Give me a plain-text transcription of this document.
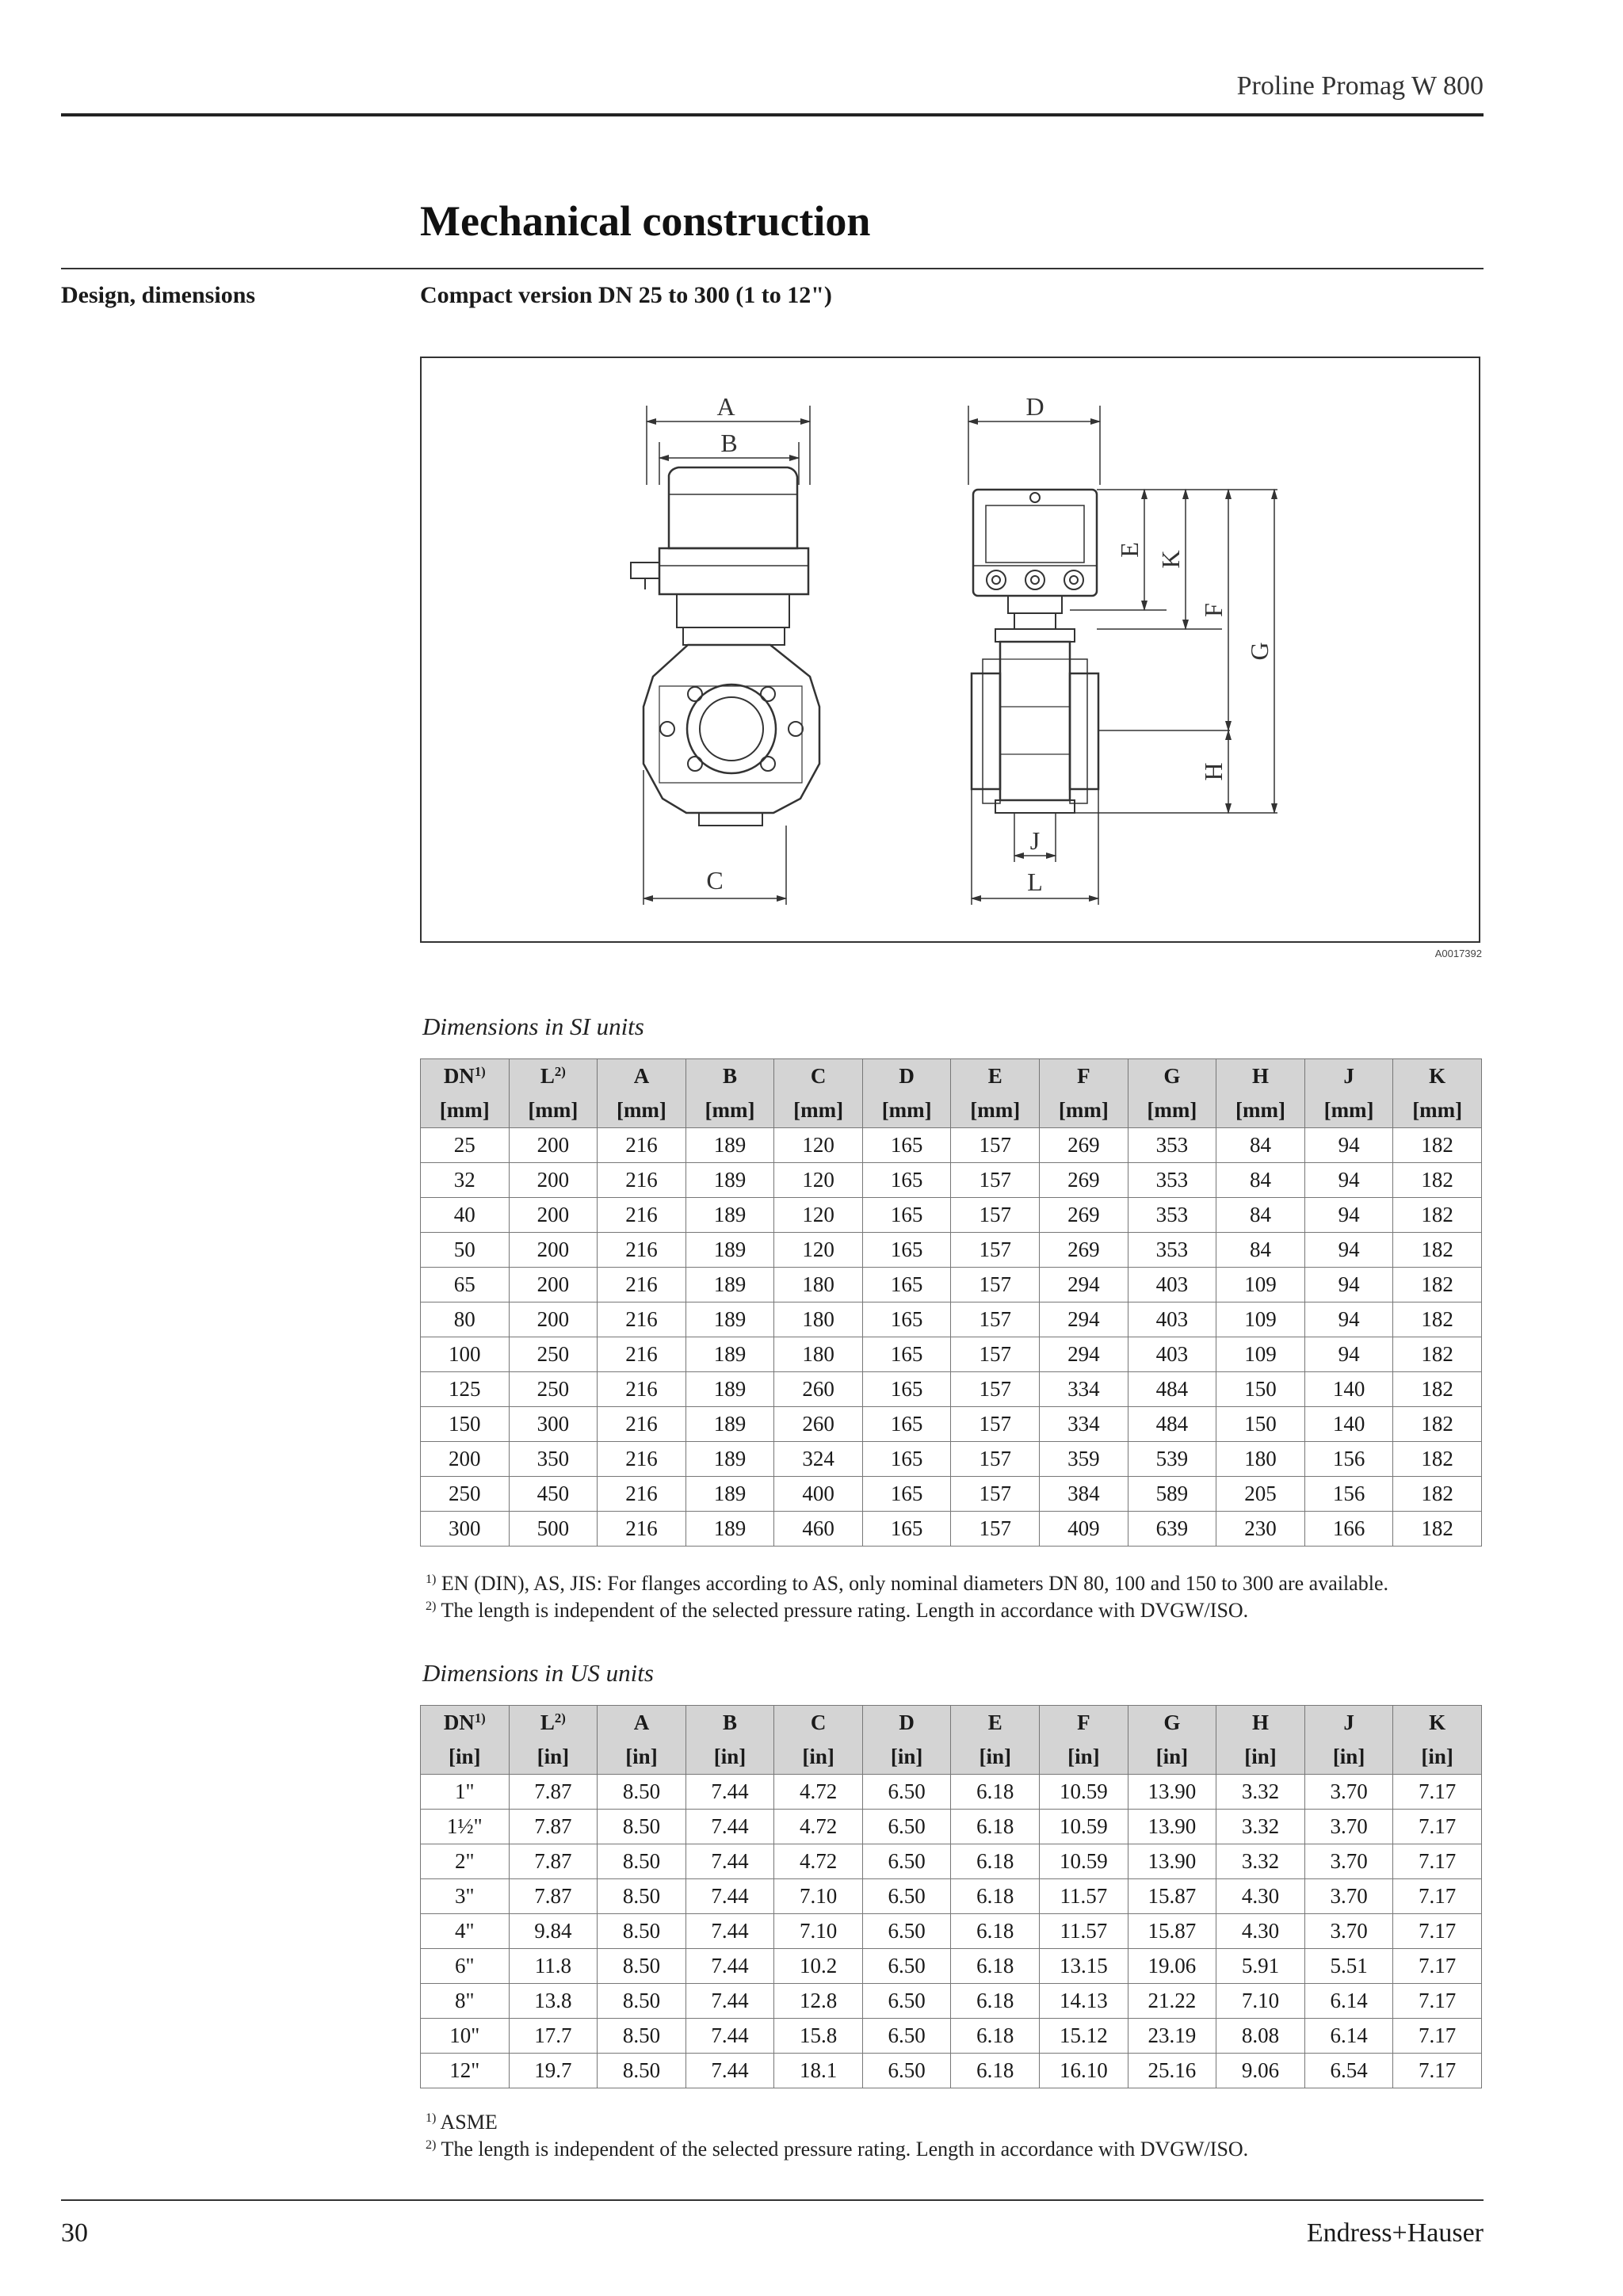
Proline Promag W 800
Mechanical construction
Design, dimensions	Compact version DN 25 to 300 (1 to 12")
A
B
C
D
J
L
E
K
F
H
G
A0017392
Dimensions in SI units
DN$^{1)}$	$L^{2)}$	A	B	C	D	E	F	G	H	J	K
[mm]	[mm]	[mm]	[mm]	[mm]	[mm]	[mm]	[mm]	[mm]	[mm]	[mm]	[mm]
25	200	216	189	120	165	157	269	353	84	94	182
32	200	216	189	120	165	157	269	353	84	94	182
40	200	216	189	120	165	157	269	353	84	94	182
50	200	216	189	120	165	157	269	353	84	94	182
65	200	216	189	180	165	157	294	403	109	94	182
80	200	216	189	180	165	157	294	403	109	94	182
100	250	216	189	180	165	157	294	403	109	94	182
125	250	216	189	260	165	157	334	484	150	140	182
150	300	216	189	260	165	157	334	484	150	140	182
200	350	216	189	324	165	157	359	539	180	156	182
250	450	216	189	400	165	157	384	589	205	156	182
300	500	216	189	460	165	157	409	639	230	166	182
$^{1)}$ EN (DIN), AS, JIS: For flanges according to AS, only nominal diameters DN 80, 100 and 150 to 300 are available.
$^{2)}$ The length is independent of the selected pressure rating. Length in accordance with DVGW/ISO.
Dimensions in US units
DN$^{1)}$	$L^{2)}$	A	B	C	D	E	F	G	H	J	K
[in]	[in]	[in]	[in]	[in]	[in]	[in]	[in]	[in]	[in]	[in]	[in]
1"	7.87	8.50	7.44	4.72	6.50	6.18	10.59	13.90	3.32	3.70	7.17
1½"	7.87	8.50	7.44	4.72	6.50	6.18	10.59	13.90	3.32	3.70	7.17
2"	7.87	8.50	7.44	4.72	6.50	6.18	10.59	13.90	3.32	3.70	7.17
3"	7.87	8.50	7.44	7.10	6.50	6.18	11.57	15.87	4.30	3.70	7.17
4"	9.84	8.50	7.44	7.10	6.50	6.18	11.57	15.87	4.30	3.70	7.17
6"	11.8	8.50	7.44	10.2	6.50	6.18	13.15	19.06	5.91	5.51	7.17
8"	13.8	8.50	7.44	12.8	6.50	6.18	14.13	21.22	7.10	6.14	7.17
10"	17.7	8.50	7.44	15.8	6.50	6.18	15.12	23.19	8.08	6.14	7.17
12"	19.7	8.50	7.44	18.1	6.50	6.18	16.10	25.16	9.06	6.54	7.17
$^{1)}$ ASME
$^{2)}$ The length is independent of the selected pressure rating. Length in accordance with DVGW/ISO.
30	Endress+Hauser
